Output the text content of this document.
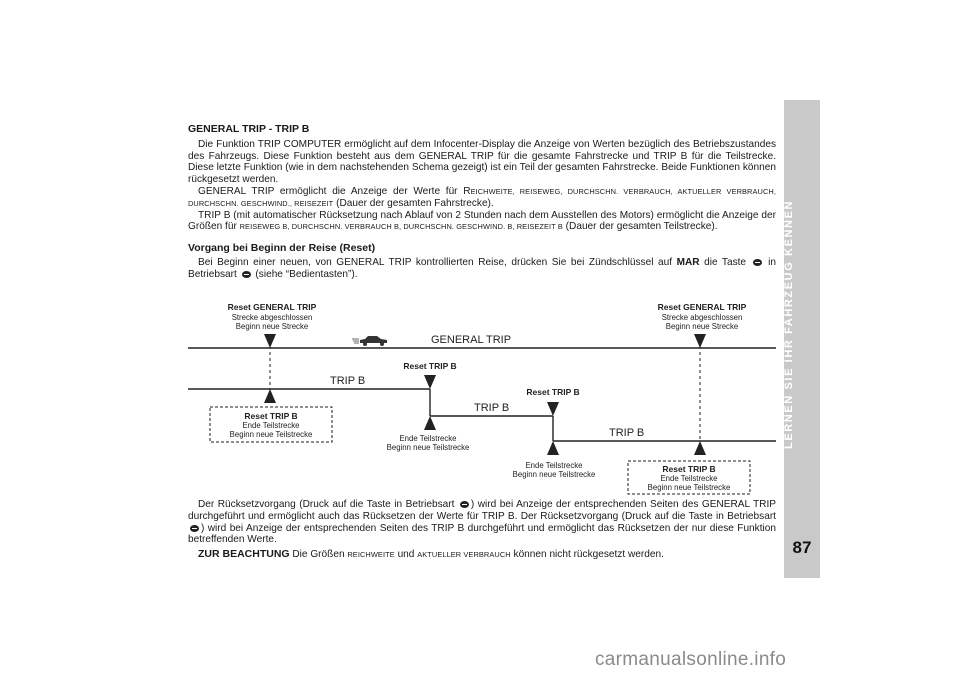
LERNEN SIE IHR FAHRZEUG KENNEN
87
GENERAL TRIP - TRIP B

Die Funktion TRIP COMPUTER ermöglicht auf dem Infocenter-Display die Anzeige von Werten bezüglich des Betriebszustandes des Fahrzeugs. Diese Funktion besteht aus dem GENERAL TRIP für die gesamte Fahrstrecke und TRIP B für die Teilstrecke. Diese letzte Funktion (wie in dem nachstehenden Schema gezeigt) ist ein Teil der gesamten Fahrstrecke. Beide Funktionen können rückgesetzt werden.

GENERAL TRIP ermöglicht die Anzeige der Werte für REICHWEITE, REISEWEG, DURCHSCHN. VERBRAUCH, AKTUELLER VERBRAUCH, DURCHSCHN. GESCHWIND., REISEZEIT (Dauer der gesamten Fahrstrecke).

TRIP B (mit automatischer Rücksetzung nach Ablauf von 2 Stunden nach dem Ausstellen des Motors) ermöglicht die Anzeige der Größen für REISEWEG B, DURCHSCHN. VERBRAUCH B, DURCHSCHN. GESCHWIND. B, REISEZEIT B (Dauer der gesamten Teilstrecke).

Vorgang bei Beginn der Reise (Reset)

Bei Beginn einer neuen, von GENERAL TRIP kontrollierten Reise, drücken Sie bei Zündschlüssel auf MAR die Taste  in Betriebsart  (siehe “Bedientasten”).

GENERAL TRIP
TRIP B
TRIP B
TRIP B
Reset GENERAL TRIP
Strecke abgeschlossen
Beginn neue Strecke
Reset GENERAL TRIP
Strecke abgeschlossen
Beginn neue Strecke
Reset TRIP B
Reset TRIP B
Ende Teilstrecke
Beginn neue Teilstrecke
Ende Teilstrecke
Beginn neue Teilstrecke
Reset TRIP B
Ende Teilstrecke
Beginn neue Teilstrecke
Reset TRIP B
Ende Teilstrecke
Beginn neue Teilstrecke

Der Rücksetzvorgang (Druck auf die Taste in Betriebsart ) wird bei Anzeige der entsprechenden Seiten des GENERAL TRIP durchgeführt und ermöglicht auch das Rücksetzen der Werte für TRIP B. Der Rücksetzvorgang (Druck auf die Taste in Betriebsart ) wird bei Anzeige der entsprechenden Seiten des TRIP B durchgeführt und ermöglicht das Rücksetzen der nur diese Funktion betreffenden Werte.

ZUR BEACHTUNG Die Größen REICHWEITE und AKTUELLER VERBRAUCH können nicht rückgesetzt werden.

carmanualsonline.info
